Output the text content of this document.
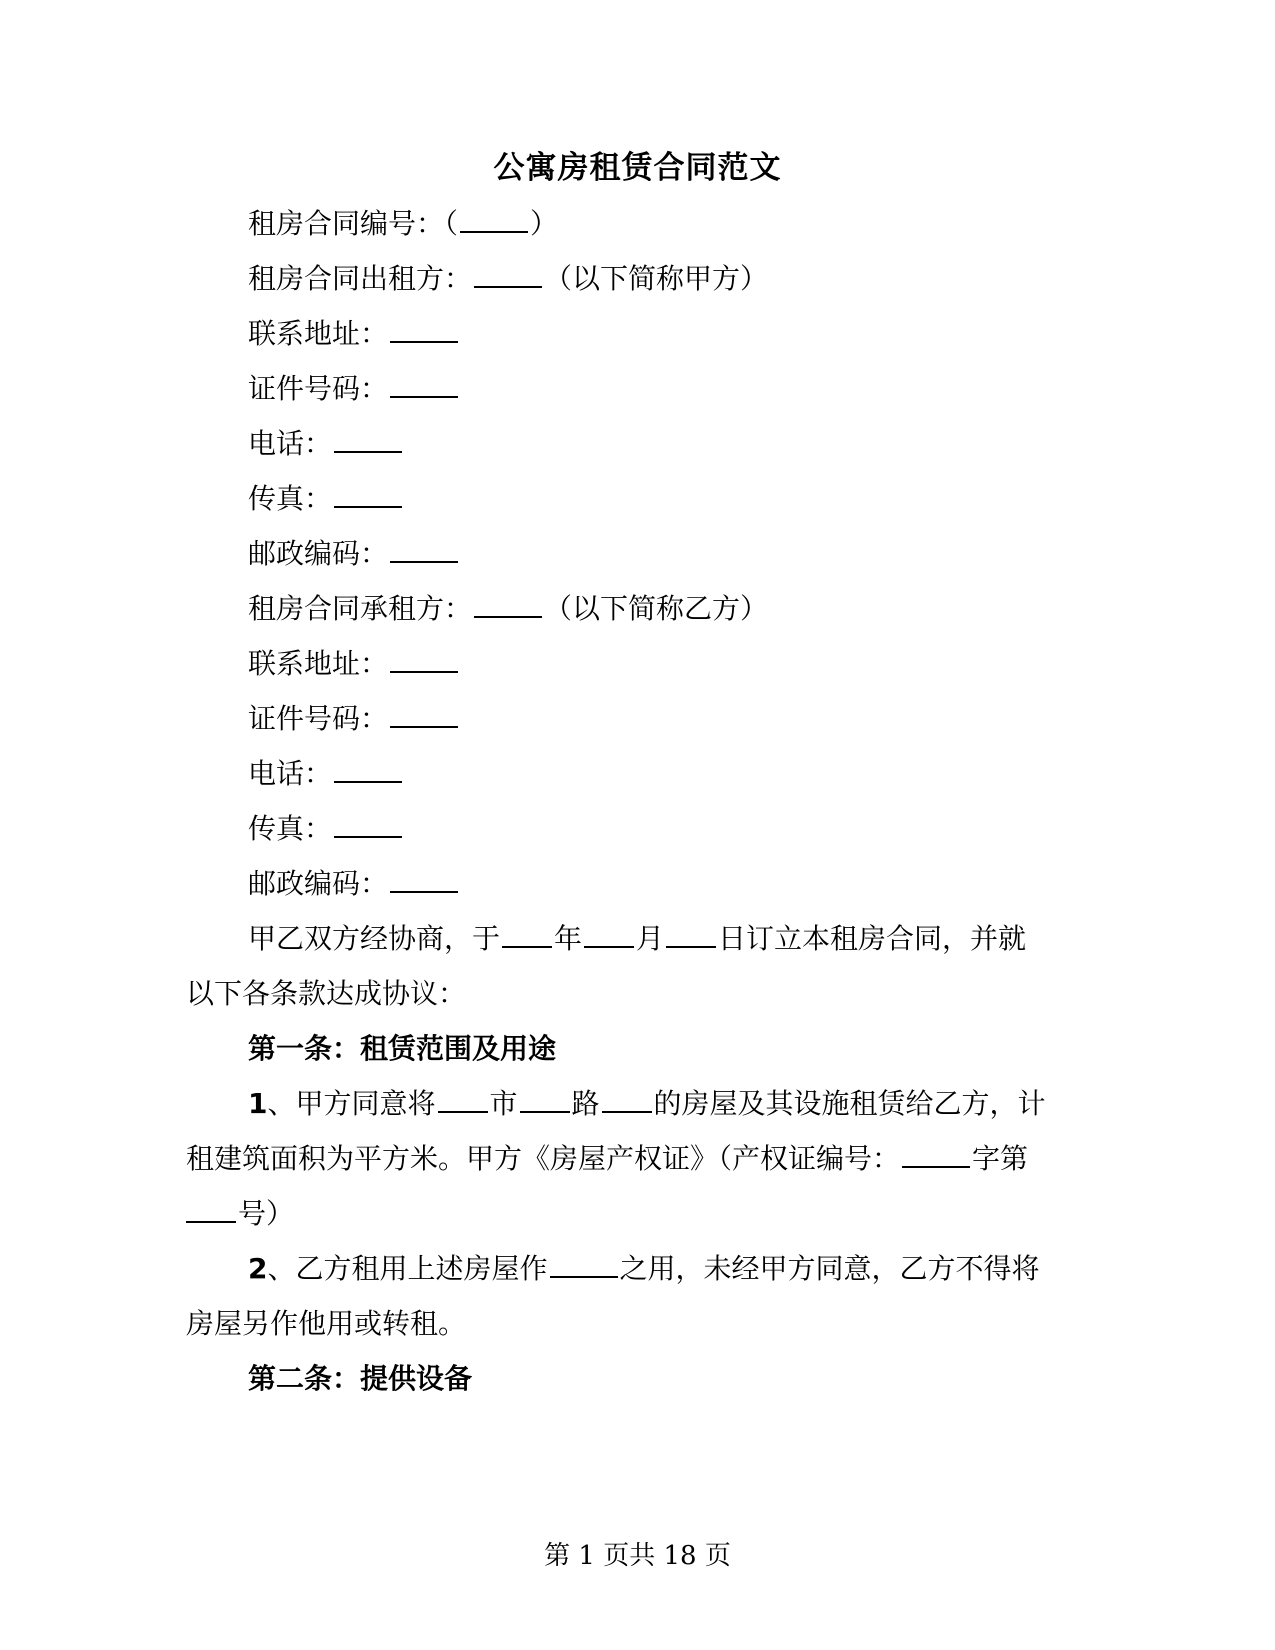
公寓房租赁合同范文
租房合同编号：（	）
租房合同出租方：	（以下简称甲方）
联系地址：
证件号码：
电话：
传真：
邮政编码：
租房合同承租方：	（以下简称乙方）
联系地址：
证件号码：
电话：
传真：
邮政编码：
甲乙双方经协商，于 年 月 日订立本租房合同，并就
以下各条款达成协议：
第一条：租赁范围及用途
1、甲方同意将 市 路 的房屋及其设施租赁给乙方，计
租建筑面积为平方米。甲方《房屋产权证》（产权证编号：	字第
号）
2、乙方租用上述房屋作	之用，未经甲方同意，乙方不得将
房屋另作他用或转租。
第二条：提供设备
第 1 页共 18 页
